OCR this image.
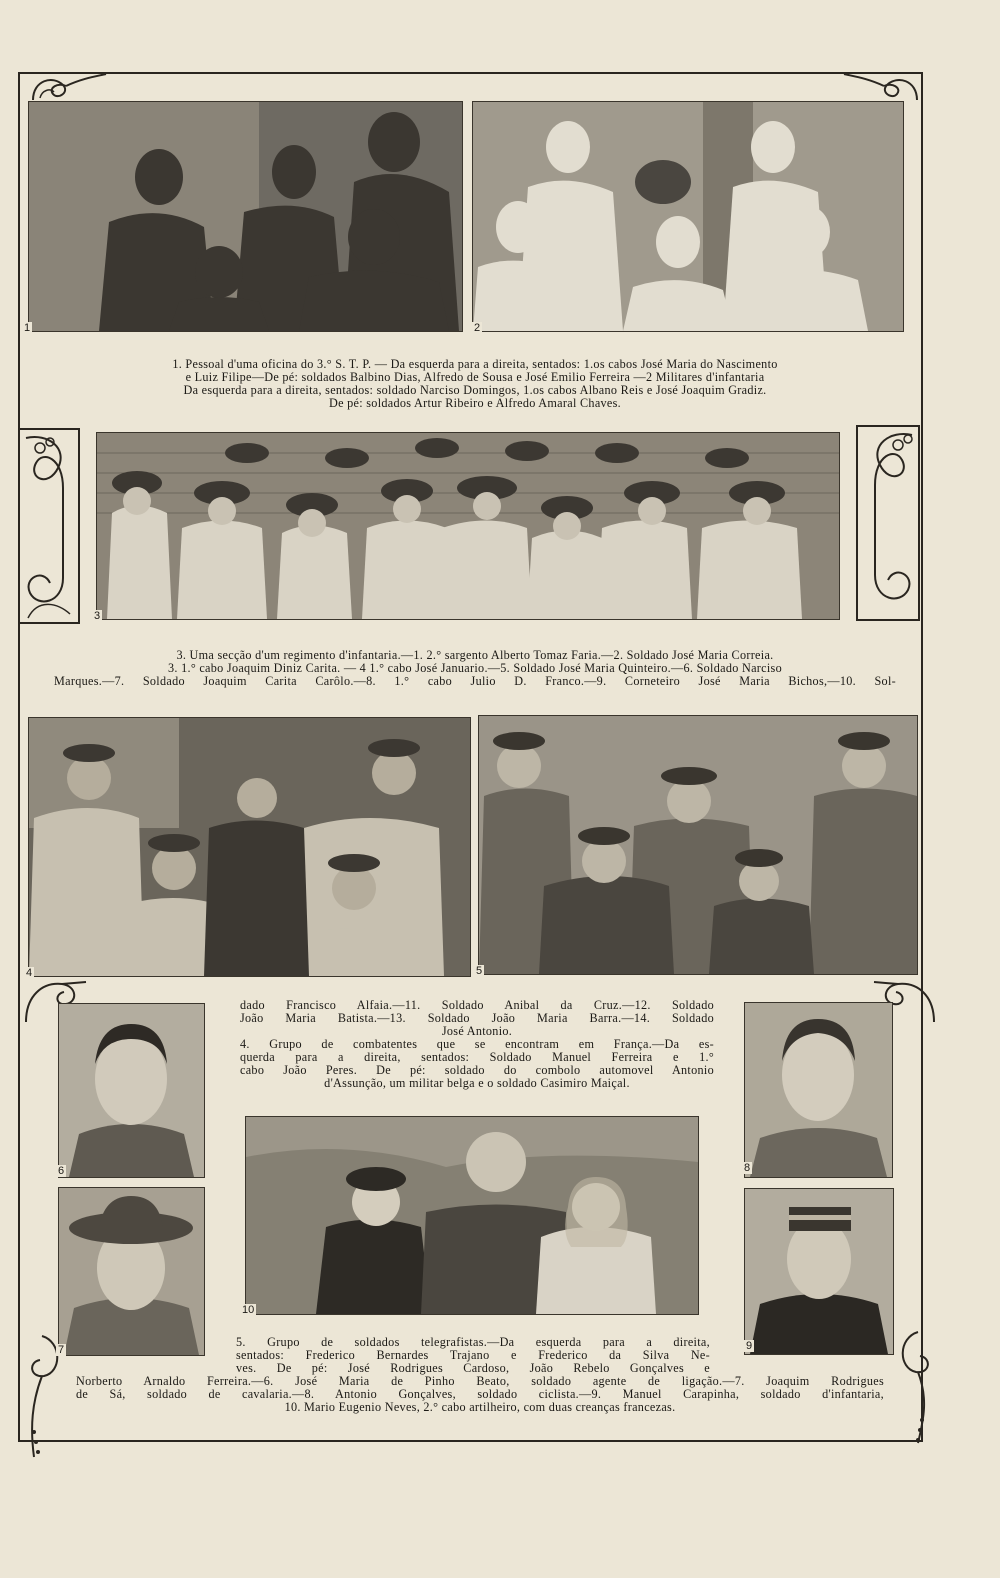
1	2

1. Pessoal d'uma oficina do 3.° S. T. P. — Da esquerda para a direita, sentados: 1.os cabos José Maria do Nascimento

e Luiz Filipe—De pé: soldados Balbino Dias, Alfredo de Sousa e José Emilio Ferreira —2 Militares d'infantaria

Da esquerda para a direita, sentados: soldado Narciso Domingos, 1.os cabos Albano Reis e José Joaquim Gradiz.

De pé: soldados Artur Ribeiro e Alfredo Amaral Chaves.

3

3. Uma secção d'um regimento d'infantaria.—1. 2.° sargento Alberto Tomaz Faria.—2. Soldado José Maria Correia.

3. 1.° cabo Joaquim Diniz Carita. — 4 1.° cabo José Januario.—5. Soldado José Maria Quinteiro.—6. Soldado Narciso

Marques.—7. Soldado Joaquim Carita Carôlo.—8. 1.° cabo Julio D. Franco.—9. Corneteiro José Maria Bichos,—10. Sol-

4	5

dado Francisco Alfaia.—11. Soldado Anibal da Cruz.—12. Soldado

João Maria Batista.—13. Soldado João Maria Barra.—14. Soldado

José Antonio.

4. Grupo de combatentes que se encontram em França.—Da es-

querda para a direita, sentados: Soldado Manuel Ferreira e 1.°

cabo João Peres. De pé: soldado do combolo automovel Antonio

d'Assunção, um militar belga e o soldado Casimiro Maiçal.

6
7
10
8
9

5. Grupo de soldados telegrafistas.—Da esquerda para a direita,

sentados: Frederico Bernardes Trajano e Frederico da Silva Ne-

ves. De pé: José Rodrigues Cardoso, João Rebelo Gonçalves e

Norberto Arnaldo Ferreira.—6. José Maria de Pinho Beato, soldado agente de ligação.—7. Joaquim Rodrigues

de Sá, soldado de cavalaria.—8. Antonio Gonçalves, soldado ciclista.—9. Manuel Carapinha, soldado d'infantaria,

10. Mario Eugenio Neves, 2.° cabo artilheiro, com duas creanças francezas.
